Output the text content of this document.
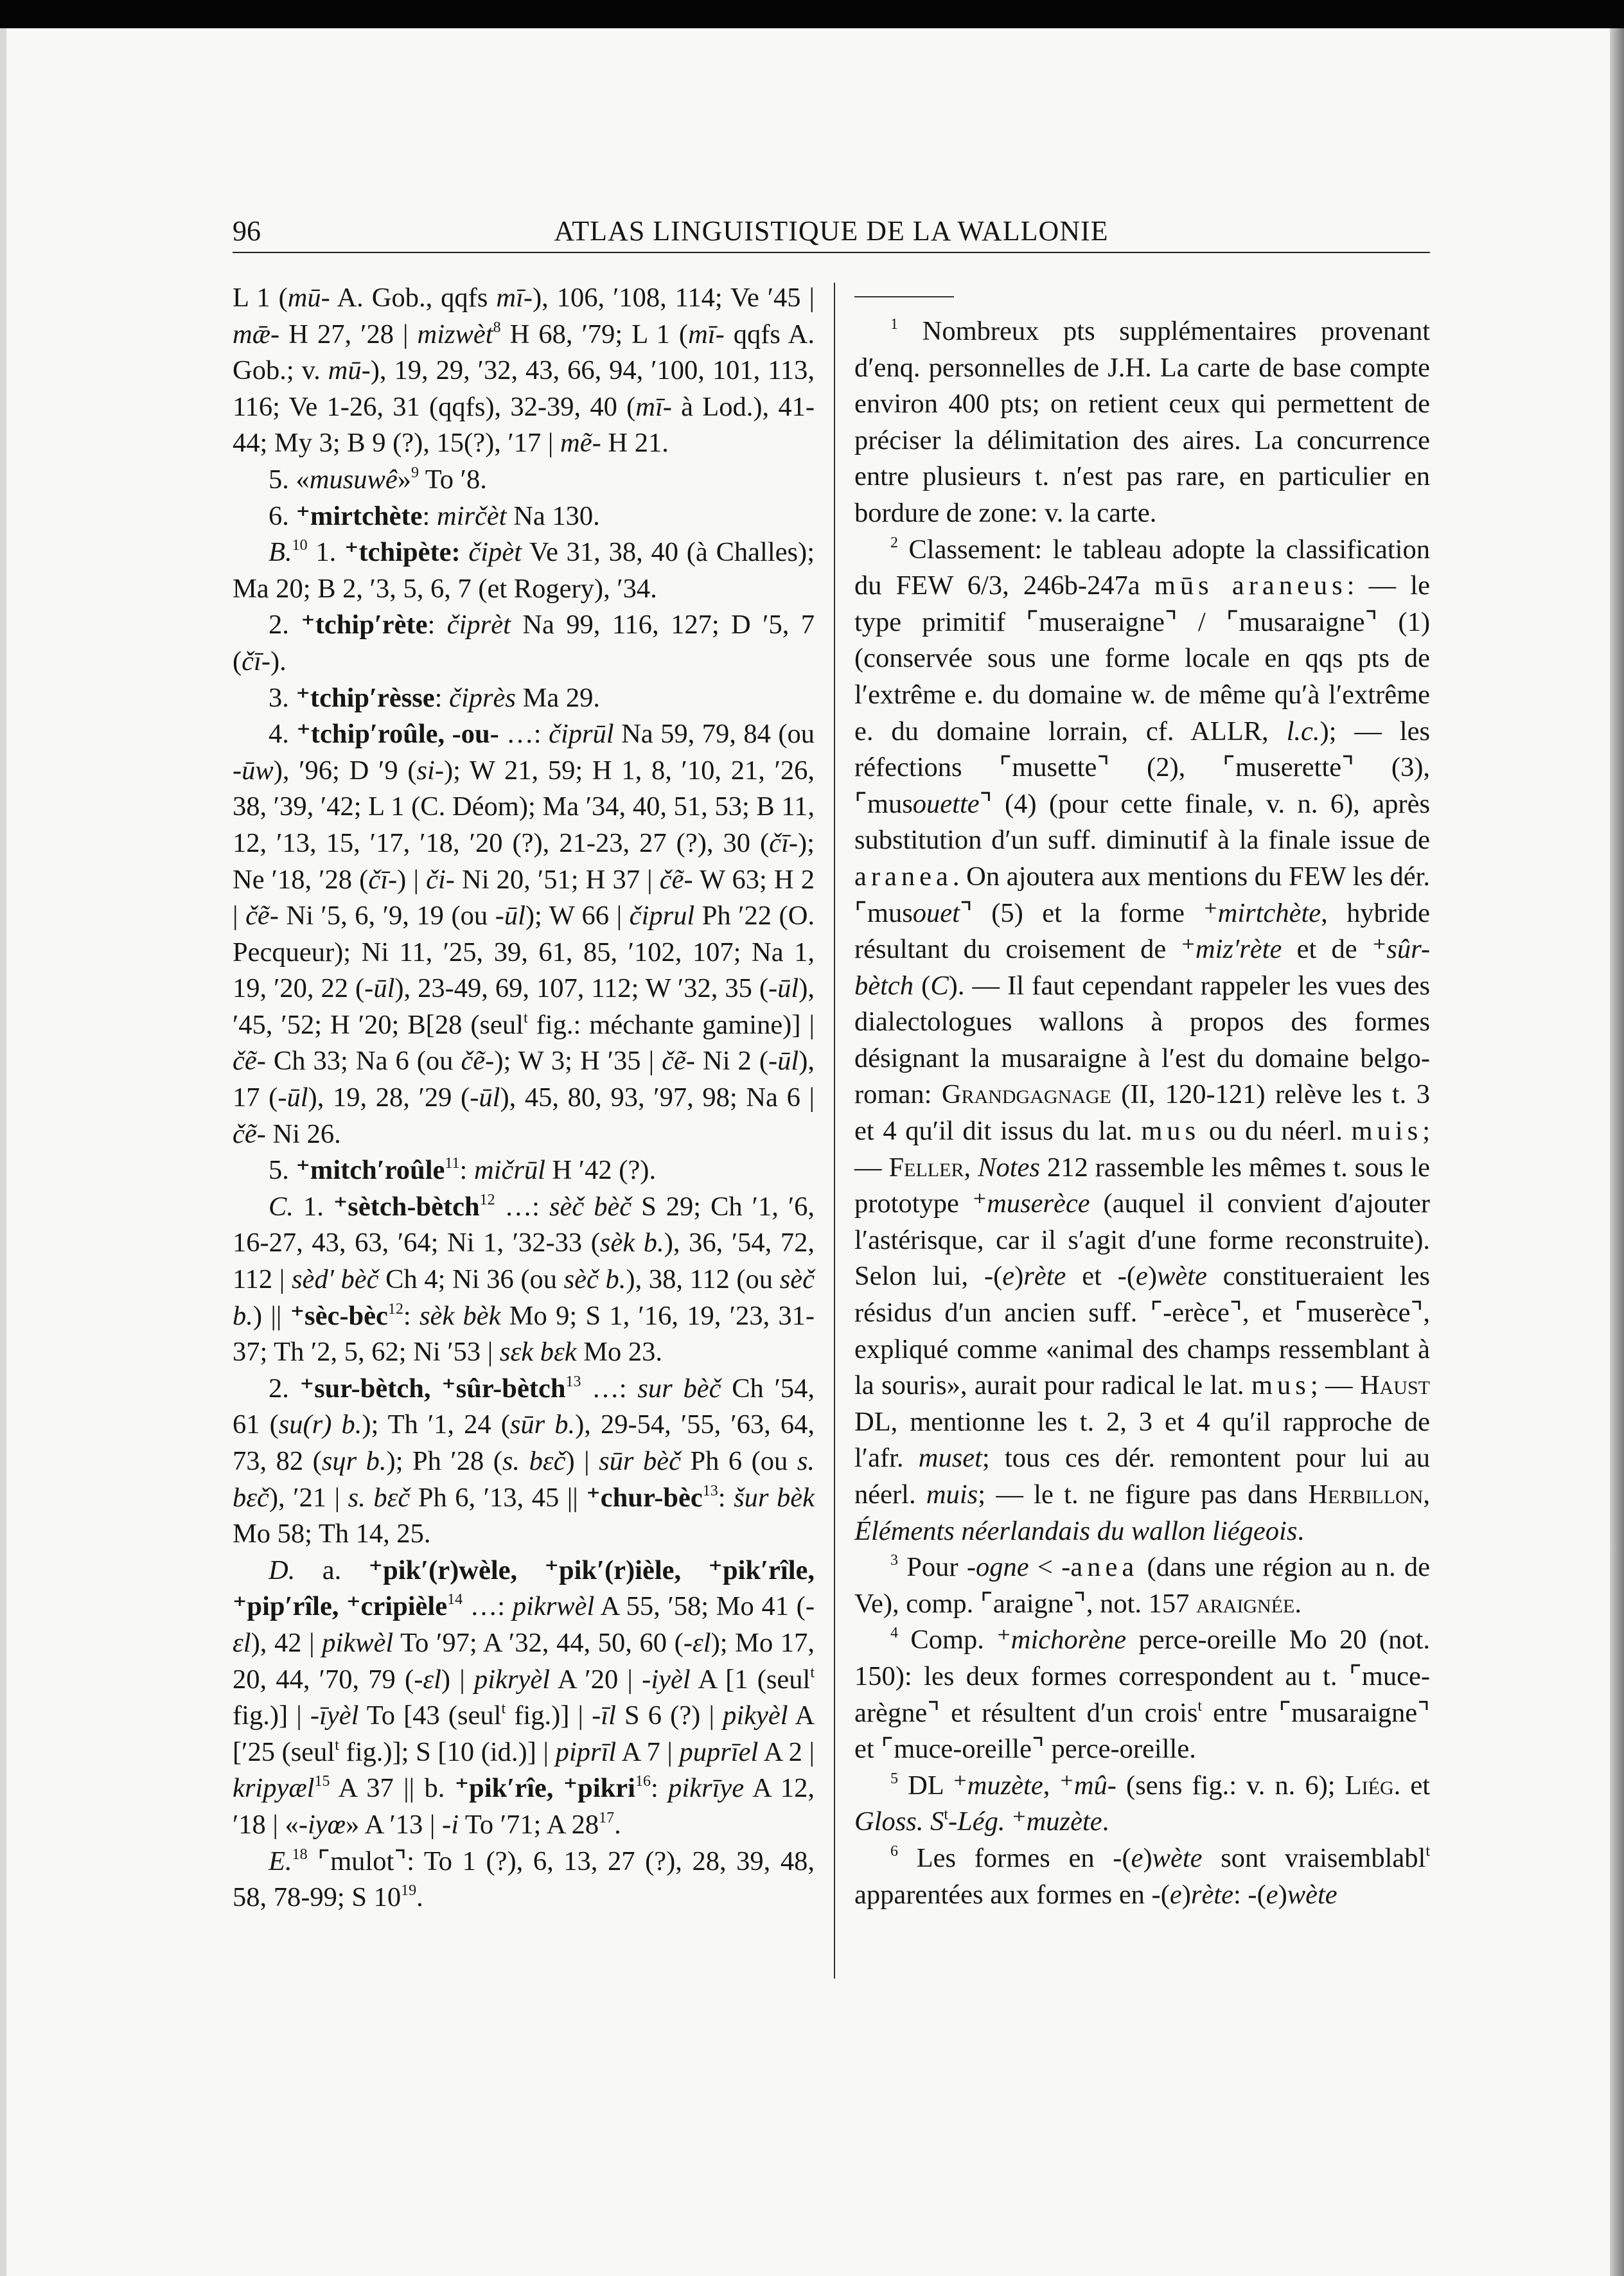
96	ATLAS LINGUISTIQUE DE LA WALLONIE

L 1 (mū- A. Gob., qqfs mī-), 106, ′108, 114; Ve ′45 | mǣ- H 27, ′28 | mizwèt$^8$ H 68, ′79; L 1 (mī- qqfs A. Gob.; v. mū-), 19, 29, ′32, 43, 66, 94, ′100, 101, 113, 116; Ve 1-26, 31 (qqfs), 32-39, 40 (mī- à Lod.), 41-44; My 3; B 9 (?), 15(?), ′17 | mẽ- H 21.

5. «musuwê»$^9$ To ′8.

6. ⁺mirtchète: mirčèt Na 130.

B.$^{10}$ 1. ⁺tchipète: čipèt Ve 31, 38, 40 (à Challes); Ma 20; B 2, ′3, 5, 6, 7 (et Rogery), ′34.

2. ⁺tchip′rète: čiprèt Na 99, 116, 127; D ′5, 7 (čī-).

3. ⁺tchip′rèsse: čiprès Ma 29.

4. ⁺tchip′roûle, -ou- …: čiprūl Na 59, 79, 84 (ou -ūw), ′96; D ′9 (si-); W 21, 59; H 1, 8, ′10, 21, ′26, 38, ′39, ′42; L 1 (C. Déom); Ma ′34, 40, 51, 53; B 11, 12, ′13, 15, ′17, ′18, ′20 (?), 21-23, 27 (?), 30 (čī-); Ne ′18, ′28 (čī-) | či- Ni 20, ′51; H 37 | čẽ- W 63; H 2 | čẽ- Ni ′5, 6, ′9, 19 (ou -ūl); W 66 | čiprul Ph ′22 (O. Pecqueur); Ni 11, ′25, 39, 61, 85, ′102, 107; Na 1, 19, ′20, 22 (-ūl), 23-49, 69, 107, 112; W ′32, 35 (-ūl), ′45, ′52; H ′20; B[28 (seul$^t$ fig.: méchante gamine)] | čẽ- Ch 33; Na 6 (ou čẽ-); W 3; H ′35 | čẽ- Ni 2 (-ūl), 17 (-ūl), 19, 28, ′29 (-ūl), 45, 80, 93, ′97, 98; Na 6 | čẽ- Ni 26.

5. ⁺mitch′roûle$^{11}$: mičrūl H ′42 (?).

C. 1. ⁺sètch-bètch$^{12}$ …: sèč bèč S 29; Ch ′1, ′6, 16-27, 43, 63, ′64; Ni 1, ′32-33 (sèk b.), 36, ′54, 72, 112 | sèd′ bèč Ch 4; Ni 36 (ou sèč b.), 38, 112 (ou sèč b.) || ⁺sèc-bèc$^{12}$: sèk bèk Mo 9; S 1, ′16, 19, ′23, 31-37; Th ′2, 5, 62; Ni ′53 | sεk bεk Mo 23.

2. ⁺sur-bètch, ⁺sûr-bètch$^{13}$ …: sur bèč Ch ′54, 61 (su(r) b.); Th ′1, 24 (sūr b.), 29-54, ′55, ′63, 64, 73, 82 (sɥr b.); Ph ′28 (s. bεč) | sūr bèč Ph 6 (ou s. bεč), ′21 | s. bεč Ph 6, ′13, 45 || ⁺chur-bèc$^{13}$: šur bèk Mo 58; Th 14, 25.

D. a. ⁺pik′(r)wèle, ⁺pik′(r)ièle, ⁺pik′rîle, ⁺pip′rîle, ⁺cripièle$^{14}$ …: pikrwèl A 55, ′58; Mo 41 (-εl), 42 | pikwèl To ′97; A ′32, 44, 50, 60 (-εl); Mo 17, 20, 44, ′70, 79 (-εl) | pikryèl A ′20 | -iyèl A [1 (seul$^t$ fig.)] | -īyèl To [43 (seul$^t$ fig.)] | -īl S 6 (?) | pikyèl A [′25 (seul$^t$ fig.)]; S [10 (id.)] | piprīl A 7 | puprīel A 2 | kripyæl$^{15}$ A 37 || b. ⁺pik′rîe, ⁺pikri$^{16}$: pikrīye A 12, ′18 | «-iyœ» A ′13 | -i To ′71; A $28^{17}$.

E.$^{18}$ ⌜mulot⌝: To 1 (?), 6, 13, 27 (?), 28, 39, 48, 58, 78-99; S $10^{19}$.

$^1$ Nombreux pts supplémentaires provenant d′enq. personnelles de J.H. La carte de base compte environ 400 pts; on retient ceux qui permettent de préciser la délimitation des aires. La concurrence entre plusieurs t. n′est pas rare, en particulier en bordure de zone: v. la carte.

$^2$ Classement: le tableau adopte la classification du FEW 6/3, 246b-247a mūs araneus: — le type primitif ⌜museraigne⌝ / ⌜musaraigne⌝ (1) (conservée sous une forme locale en qqs pts de l′extrême e. du domaine w. de même qu′à l′extrême e. du domaine lorrain, cf. ALLR, l.c.); — les réfections ⌜musette⌝ (2), ⌜muserette⌝ (3), ⌜musouette⌝ (4) (pour cette finale, v. n. 6), après substitution d′un suff. diminutif à la finale issue de aranea. On ajoutera aux mentions du FEW les dér. ⌜musouet⌝ (5) et la forme ⁺mirtchète, hybride résultant du croisement de ⁺miz′rète et de ⁺sûr-bètch (C). — Il faut cependant rappeler les vues des dialectologues wallons à propos des formes désignant la musaraigne à l′est du domaine belgo-roman: Grandgagnage (II, 120-121) relève les t. 3 et 4 qu′il dit issus du lat. mus ou du néerl. muis; — Feller, Notes 212 rassemble les mêmes t. sous le prototype ⁺muserèce (auquel il convient d′ajouter l′astérisque, car il s′agit d′une forme reconstruite). Selon lui, -(e)rète et -(e)wète constitueraient les résidus d′un ancien suff. ⌜-erèce⌝, et ⌜muserèce⌝, expliqué comme «animal des champs ressemblant à la souris», aurait pour radical le lat. mus; — Haust DL, mentionne les t. 2, 3 et 4 qu′il rapproche de l′afr. muset; tous ces dér. remontent pour lui au néerl. muis; — le t. ne figure pas dans Herbillon, Éléments néerlandais du wallon liégeois.

$^3$ Pour -ogne < -anea (dans une région au n. de Ve), comp. ⌜araigne⌝, not. 157 araignée.

$^4$ Comp. ⁺michorène perce-oreille Mo 20 (not. 150): les deux formes correspondent au t. ⌜muce-arègne⌝ et résultent d′un crois$^t$ entre ⌜musaraigne⌝ et ⌜muce-oreille⌝ perce-oreille.

$^5$ DL ⁺muzète, ⁺mû- (sens fig.: v. n. 6); Liég. et Gloss. $S^t$-Lég. ⁺muzète.

$^6$ Les formes en -(e)wète sont vraisemblabl$^t$ apparentées aux formes en -(e)rète: -(e)wète
